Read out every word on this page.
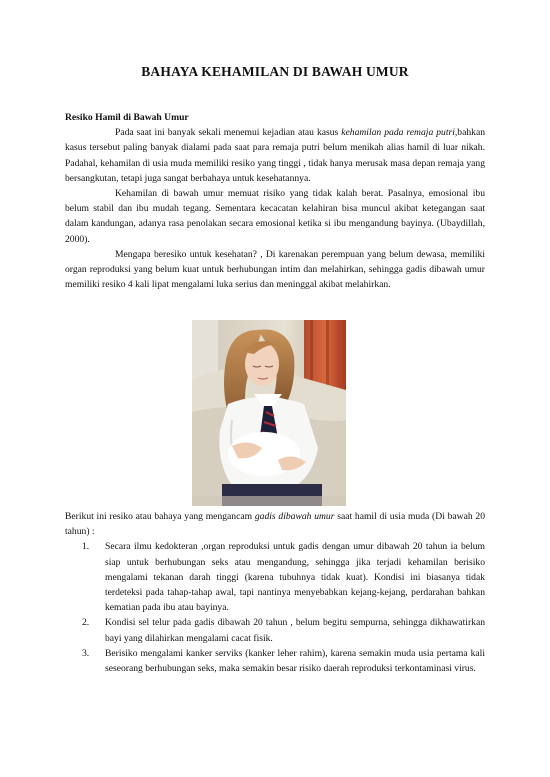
BAHAYA KEHAMILAN DI BAWAH UMUR

Resiko Hamil di Bawah Umur

Pada saat ini banyak sekali menemui kejadian atau kasus kehamilan pada remaja putri,bahkan kasus tersebut paling banyak dialami pada saat para remaja putri belum menikah alias hamil di luar nikah. Padahal, kehamilan di usia muda memiliki resiko yang tinggi , tidak hanya merusak masa depan remaja yang bersangkutan, tetapi juga sangat berbahaya untuk kesehatannya.

Kehamilan di bawah umur memuat risiko yang tidak kalah berat. Pasalnya, emosional ibu belum stabil dan ibu mudah tegang. Sementara kecacatan kelahiran bisa muncul akibat ketegangan saat dalam kandungan, adanya rasa penolakan secara emosional ketika si ibu mengandung bayinya. (Ubaydillah, 2000).

Mengapa beresiko untuk kesehatan? , Di karenakan perempuan yang belum dewasa, memiliki organ reproduksi yang belum kuat untuk berhubungan intim dan melahirkan, sehingga gadis dibawah umur memiliki resiko 4 kali lipat mengalami luka serius dan meninggal akibat melahirkan.

Berikut ini resiko atau bahaya yang mengancam gadis dibawah umur saat hamil di usia muda (Di bawah 20 tahun) :

1. Secara ilmu kedokteran ,organ reproduksi untuk gadis dengan umur dibawah 20 tahun ia belum siap untuk berhubungan seks atau mengandung, sehingga jika terjadi kehamilan berisiko mengalami tekanan darah tinggi (karena tubuhnya tidak kuat). Kondisi ini biasanya tidak terdeteksi pada tahap-tahap awal, tapi nantinya menyebabkan kejang-kejang, perdarahan bahkan kematian pada ibu atau bayinya.
2. Kondisi sel telur pada gadis dibawah 20 tahun , belum begitu sempurna, sehingga dikhawatirkan bayi yang dilahirkan mengalami cacat fisik.
3. Berisiko mengalami kanker serviks (kanker leher rahim), karena semakin muda usia pertama kali seseorang berhubungan seks, maka semakin besar risiko daerah reproduksi terkontaminasi virus.
